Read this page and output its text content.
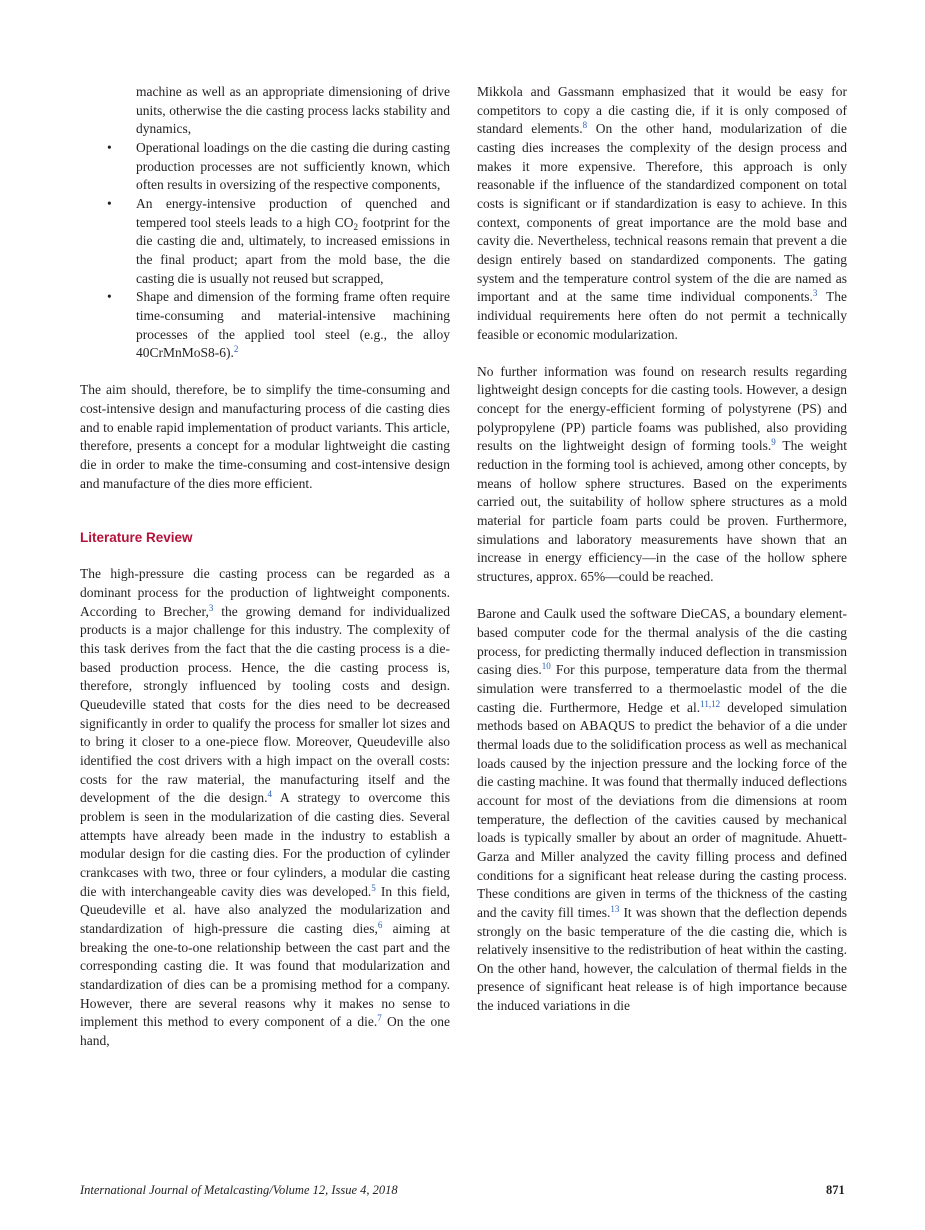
machine as well as an appropriate dimensioning of drive units, otherwise the die casting process lacks stability and dynamics,
• Operational loadings on the die casting die during casting production processes are not sufficiently known, which often results in oversizing of the respective components,
• An energy-intensive production of quenched and tempered tool steels leads to a high $CO_2$ footprint for the die casting die and, ultimately, to increased emissions in the final product; apart from the mold base, the die casting die is usually not reused but scrapped,
• Shape and dimension of the forming frame often require time-consuming and material-intensive machining processes of the applied tool steel (e.g., the alloy 40CrMnMoS8-6).$^2$

The aim should, therefore, be to simplify the time-consuming and cost-intensive design and manufacturing process of die casting dies and to enable rapid implementation of product variants. This article, therefore, presents a concept for a modular lightweight die casting die in order to make the time-consuming and cost-intensive design and manufacture of the dies more efficient.

Literature Review

The high-pressure die casting process can be regarded as a dominant process for the production of lightweight components. According to Brecher,$^3$ the growing demand for individualized products is a major challenge for this industry. The complexity of this task derives from the fact that the die casting process is a die-based production process. Hence, the die casting process is, therefore, strongly influenced by tooling costs and design. Queudeville stated that costs for the dies need to be decreased significantly in order to qualify the process for smaller lot sizes and to bring it closer to a one-piece flow. Moreover, Queudeville also identified the cost drivers with a high impact on the overall costs: costs for the raw material, the manufacturing itself and the development of the die design.$^4$ A strategy to overcome this problem is seen in the modularization of die casting dies. Several attempts have already been made in the industry to establish a modular design for die casting dies. For the production of cylinder crankcases with two, three or four cylinders, a modular die casting die with interchangeable cavity dies was developed.$^5$ In this field, Queudeville et al. have also analyzed the modularization and standardization of high-pressure die casting dies,$^6$ aiming at breaking the one-to-one relationship between the cast part and the corresponding casting die. It was found that modularization and standardization of dies can be a promising method for a company. However, there are several reasons why it makes no sense to implement this method to every component of a die.$^7$ On the one hand,

Mikkola and Gassmann emphasized that it would be easy for competitors to copy a die casting die, if it is only composed of standard elements.$^8$ On the other hand, modularization of die casting dies increases the complexity of the design process and makes it more expensive. Therefore, this approach is only reasonable if the influence of the standardized component on total costs is significant or if standardization is easy to achieve. In this context, components of great importance are the mold base and cavity die. Nevertheless, technical reasons remain that prevent a die design entirely based on standardized components. The gating system and the temperature control system of the die are named as important and at the same time individual components.$^3$ The individual requirements here often do not permit a technically feasible or economic modularization.

No further information was found on research results regarding lightweight design concepts for die casting tools. However, a design concept for the energy-efficient forming of polystyrene (PS) and polypropylene (PP) particle foams was published, also providing results on the lightweight design of forming tools.$^9$ The weight reduction in the forming tool is achieved, among other concepts, by means of hollow sphere structures. Based on the experiments carried out, the suitability of hollow sphere structures as a mold material for particle foam parts could be proven. Furthermore, simulations and laboratory measurements have shown that an increase in energy efficiency—in the case of the hollow sphere structures, approx. 65%—could be reached.

Barone and Caulk used the software DieCAS, a boundary element-based computer code for the thermal analysis of the die casting process, for predicting thermally induced deflection in transmission casing dies.$^{10}$ For this purpose, temperature data from the thermal simulation were transferred to a thermoelastic model of the die casting die. Furthermore, Hedge et al.$^{11,12}$ developed simulation methods based on ABAQUS to predict the behavior of a die under thermal loads due to the solidification process as well as mechanical loads caused by the injection pressure and the locking force of the die casting machine. It was found that thermally induced deflections account for most of the deviations from die dimensions at room temperature, the deflection of the cavities caused by mechanical loads is typically smaller by about an order of magnitude. Ahuett-Garza and Miller analyzed the cavity filling process and defined conditions for a significant heat release during the casting process. These conditions are given in terms of the thickness of the casting and the cavity fill times.$^{13}$ It was shown that the deflection depends strongly on the basic temperature of the die casting die, which is relatively insensitive to the redistribution of heat within the casting. On the other hand, however, the calculation of thermal fields in the presence of significant heat release is of high importance because the induced variations in die

International Journal of Metalcasting/Volume 12, Issue 4, 2018	871
